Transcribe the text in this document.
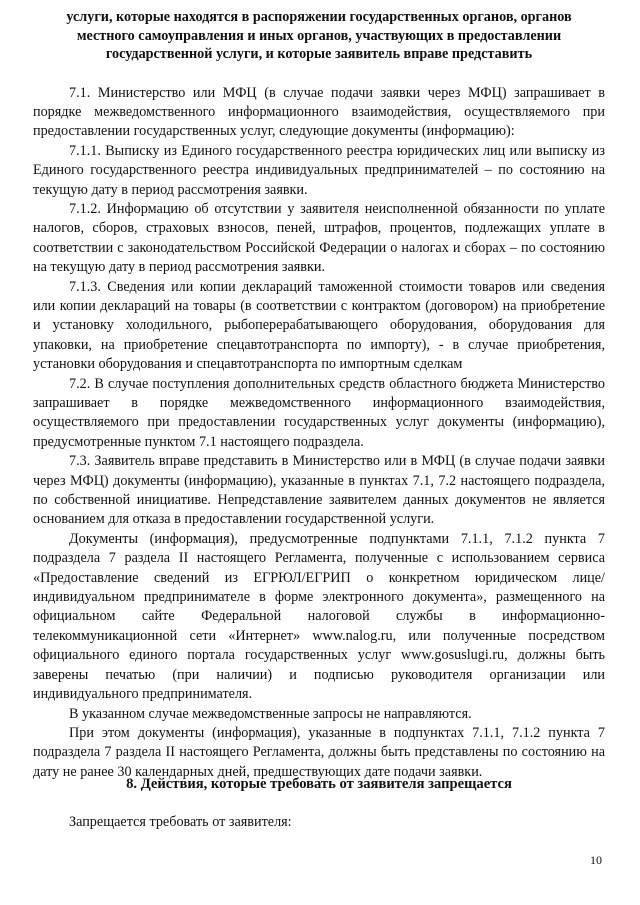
услуги, которые находятся в распоряжении государственных органов, органов
местного самоуправления и иных органов, участвующих в предоставлении
государственной услуги, и которые заявитель вправе представить

7.1. Министерство или МФЦ (в случае подачи заявки через МФЦ) запрашивает в порядке межведомственного информационного взаимодействия, осуществляемого при предоставлении государственных услуг, следующие документы (информацию):

7.1.1. Выписку из Единого государственного реестра юридических лиц или выписку из Единого государственного реестра индивидуальных предпринимателей – по состоянию на текущую дату в период рассмотрения заявки.

7.1.2. Информацию об отсутствии у заявителя неисполненной обязанности по уплате налогов, сборов, страховых взносов, пеней, штрафов, процентов, подлежащих уплате в соответствии с законодательством Российской Федерации о налогах и сборах – по состоянию на текущую дату в период рассмотрения заявки.

7.1.3. Сведения или копии деклараций таможенной стоимости товаров или сведения или копии деклараций на товары (в соответствии с контрактом (договором) на приобретение и установку холодильного, рыбоперерабатывающего оборудования, оборудования для упаковки, на приобретение спецавтотранспорта по импорту), - в случае приобретения, установки оборудования и спецавтотранспорта по импортным сделкам

7.2. В случае поступления дополнительных средств областного бюджета Министерство запрашивает в порядке межведомственного информационного взаимодействия, осуществляемого при предоставлении государственных услуг документы (информацию), предусмотренные пунктом 7.1 настоящего подраздела.

7.3. Заявитель вправе представить в Министерство или в МФЦ (в случае подачи заявки через МФЦ) документы (информацию), указанные в пунктах 7.1, 7.2 настоящего подраздела, по собственной инициативе. Непредставление заявителем данных документов не является основанием для отказа в предоставлении государственной услуги.

Документы (информация), предусмотренные подпунктами 7.1.1, 7.1.2 пункта 7 подраздела 7 раздела II настоящего Регламента, полученные с использованием сервиса «Предоставление сведений из ЕГРЮЛ/ЕГРИП о конкретном юридическом лице/индивидуальном предпринимателе в форме электронного документа», размещенного на официальном сайте Федеральной налоговой службы в информационно-телекоммуникационной сети «Интернет» www.nalog.ru, или полученные посредством официального единого портала государственных услуг www.gosuslugi.ru, должны быть заверены печатью (при наличии) и подписью руководителя организации или индивидуального предпринимателя.

В указанном случае межведомственные запросы не направляются.

При этом документы (информация), указанные в подпунктах 7.1.1, 7.1.2 пункта 7 подраздела 7 раздела II настоящего Регламента, должны быть представлены по состоянию на дату не ранее 30 календарных дней, предшествующих дате подачи заявки.

8. Действия, которые требовать от заявителя запрещается

Запрещается требовать от заявителя:

10
